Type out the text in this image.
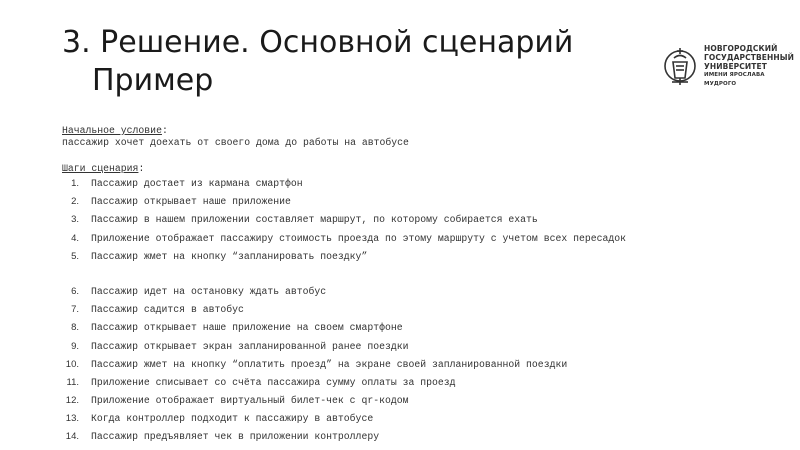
3. Решение. Основной сценарий
Пример
НОВГОРОДСКИЙ
ГОСУДАРСТВЕННЫЙ
УНИВЕРСИТЕТ
ИМЕНИ ЯРОСЛАВА МУДРОГО
Начальное условие:
пассажир хочет доехать от своего дома до работы на автобусе
Шаги сценария:
1. Пассажир достает из кармана смартфон
2. Пассажир открывает наше приложение
3. Пассажир в нашем приложении составляет маршрут, по которому собирается ехать
4. Приложение отображает пассажиру стоимость проезда по этому маршруту с учетом всех пересадок
5. Пассажир жмет на кнопку “запланировать поездку”
6. Пассажир идет на остановку ждать автобус
7. Пассажир садится в автобус
8. Пассажир открывает наше приложение на своем смартфоне
9. Пассажир открывает экран запланированной ранее поездки
10. Пассажир жмет на кнопку “оплатить проезд” на экране своей запланированной поездки
11. Приложение списывает со счёта пассажира сумму оплаты за проезд
12. Приложение отображает виртуальный билет-чек с qr-кодом
13. Когда контроллер подходит к пассажиру в автобусе
14. Пассажир предъявляет чек в приложении контроллеру
